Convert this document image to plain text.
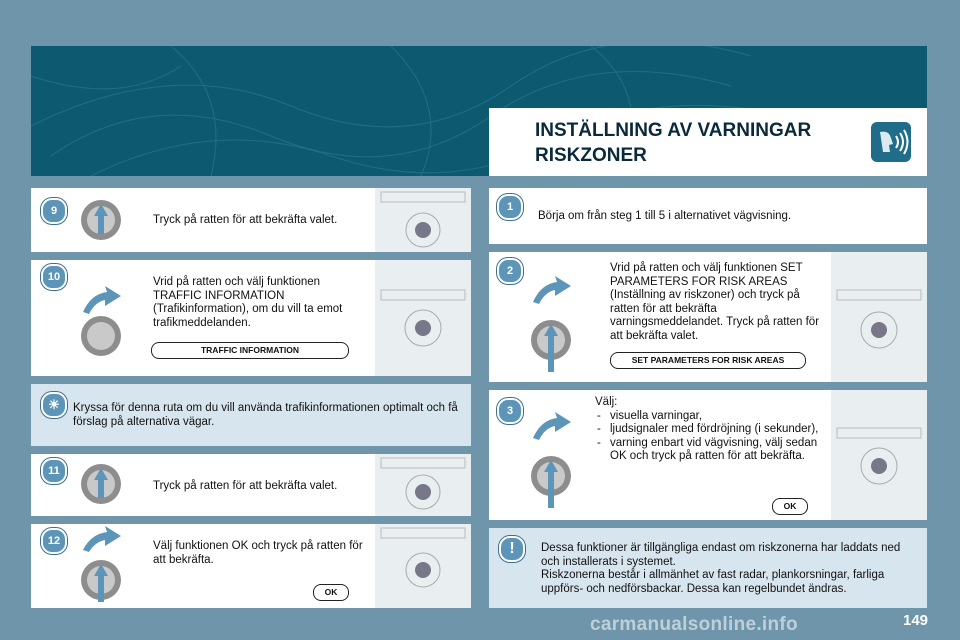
INSTÄLLNING AV VARNINGAR RISKZONER
9

Tryck på ratten för att bekräfta valet.

10	Vrid på ratten och välj funktionen TRAFFIC INFORMATION (Trafikinformation), om du vill ta emot trafikmeddelanden.

TRAFFIC INFORMATION
☀	Kryssa för denna ruta om du vill använda trafikinformationen optimalt och få förslag på alternativa vägar.

11

Tryck på ratten för att bekräfta valet.

12	Välj funktionen OK och tryck på ratten för att bekräfta.

OK
1

Börja om från steg 1 till 5 i alternativet vägvisning.

2	Vrid på ratten och välj funktionen SET PARAMETERS FOR RISK AREAS (Inställning av riskzoner) och tryck på ratten för att bekräfta varningsmeddelandet. Tryck på ratten för att bekräfta valet.

SET PARAMETERS FOR RISK AREAS
3
Välj:
- visuella varningar,
- ljudsignaler med fördröjning (i sekunder),
- varning enbart vid vägvisning, välj sedan OK och tryck på ratten för att bekräfta.
OK
!	Dessa funktioner är tillgängliga endast om riskzonerna har laddats ned och installerats i systemet.
Riskzonerna består i allmänhet av fast radar, plankorsningar, farliga uppförs- och nedförsbackar. Dessa kan regelbundet ändras.

carmanualsonline.info	149
